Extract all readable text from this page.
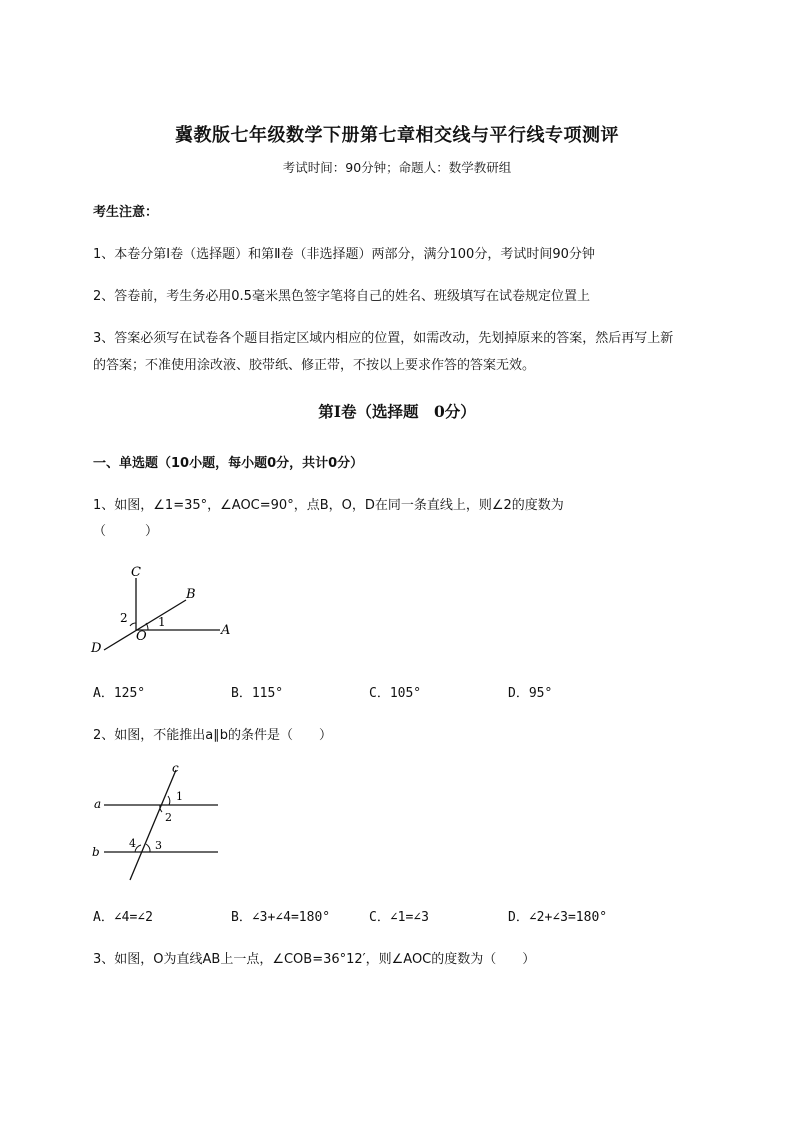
冀教版七年级数学下册第七章相交线与平行线专项测评
考试时间：90分钟；命题人：数学教研组
考生注意：
1、本卷分第I卷（选择题）和第Ⅱ卷（非选择题）两部分，满分100分，考试时间90分钟
2、答卷前，考生务必用0.5毫米黑色签字笔将自己的姓名、班级填写在试卷规定位置上
3、答案必须写在试卷各个题目指定区域内相应的位置，如需改动，先划掉原来的答案，然后再写上新
的答案；不准使用涂改液、胶带纸、修正带，不按以上要求作答的答案无效。
第I卷（选择题　0分）
一、单选题（10小题，每小题0分，共计0分）
1、如图，∠1=35°，∠AOC=90°，点B，O，D在同一条直线上，则∠2的度数为
（　　　）
C
B
A
D
O
1
2
A．125°	B．115°	C．105°	D．95°
2、如图，不能推出a∥b的条件是（　　）
c
a
b
1
2
3
4
A．∠4=∠2	B．∠3+∠4=180°	C．∠1=∠3	D．∠2+∠3=180°
3、如图，O为直线AB上一点，∠COB=36°12′，则∠AOC的度数为（　　）
